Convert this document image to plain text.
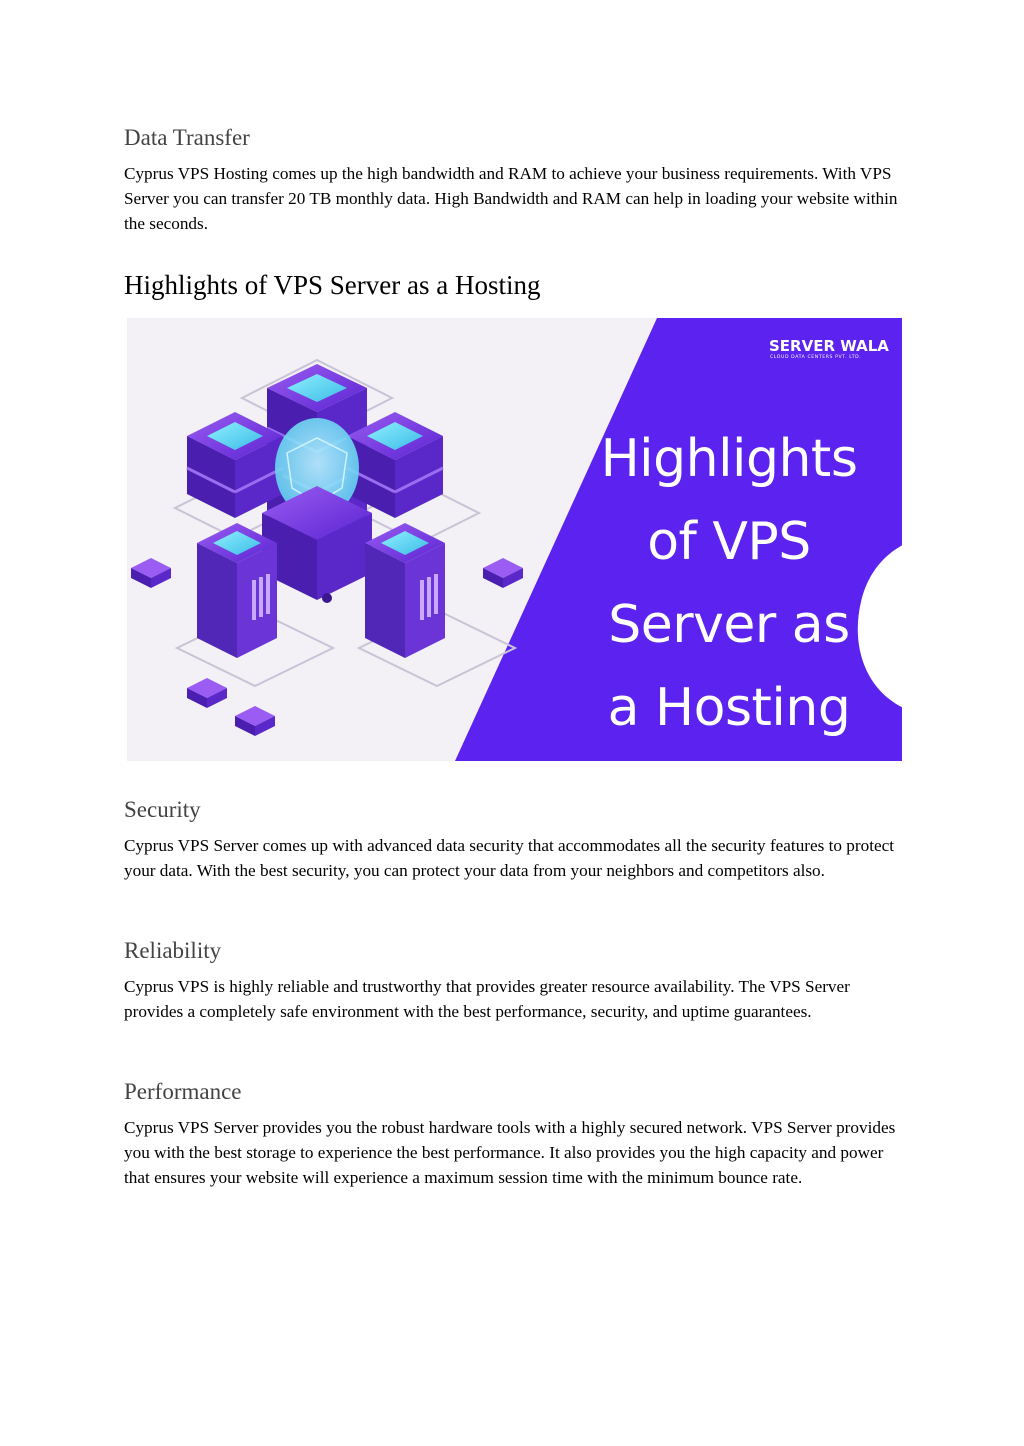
Data Transfer

Cyprus VPS Hosting comes up the high bandwidth and RAM to achieve your business requirements. With VPS Server you can transfer 20 TB monthly data. High Bandwidth and RAM can help in loading your website within the seconds.

Highlights of VPS Server as a Hosting
SERVER WALA
CLOUD DATA CENTERS PVT. LTD.
Highlights
of VPS
Server as
a Hosting
Security

Cyprus VPS Server comes up with advanced data security that accommodates all the security features to protect your data. With the best security, you can protect your data from your neighbors and competitors also.

Reliability

Cyprus VPS is highly reliable and trustworthy that provides greater resource availability. The VPS Server provides a completely safe environment with the best performance, security, and uptime guarantees.

Performance

Cyprus VPS Server provides you the robust hardware tools with a highly secured network. VPS Server provides you with the best storage to experience the best performance. It also provides you the high capacity and power that ensures your website will experience a maximum session time with the minimum bounce rate.
